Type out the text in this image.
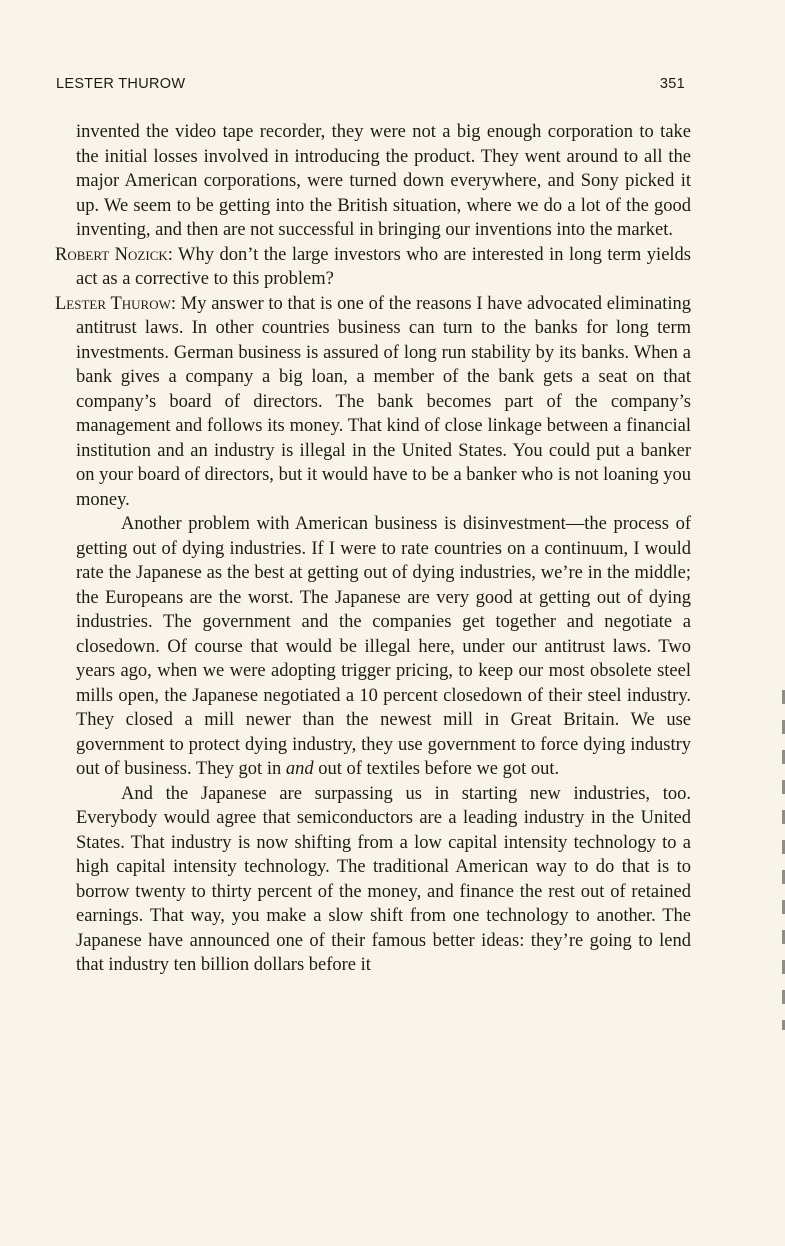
LESTER THUROW	351

invented the video tape recorder, they were not a big enough corporation to take the initial losses involved in introducing the product. They went around to all the major American corporations, were turned down everywhere, and Sony picked it up. We seem to be getting into the British situation, where we do a lot of the good inventing, and then are not successful in bringing our inventions into the market.

Robert Nozick: Why don’t the large investors who are interested in long term yields act as a corrective to this problem?

Lester Thurow: My answer to that is one of the reasons I have advocated eliminating antitrust laws. In other countries business can turn to the banks for long term investments. German business is assured of long run stability by its banks. When a bank gives a company a big loan, a member of the bank gets a seat on that company’s board of directors. The bank becomes part of the company’s management and follows its money. That kind of close linkage between a financial institution and an industry is illegal in the United States. You could put a banker on your board of directors, but it would have to be a banker who is not loaning you money.

Another problem with American business is disinvestment—the process of getting out of dying industries. If I were to rate countries on a continuum, I would rate the Japanese as the best at getting out of dying industries, we’re in the middle; the Europeans are the worst. The Japanese are very good at getting out of dying industries. The government and the companies get together and negotiate a closedown. Of course that would be illegal here, under our antitrust laws. Two years ago, when we were adopting trigger pricing, to keep our most obsolete steel mills open, the Japanese negotiated a 10 percent closedown of their steel industry. They closed a mill newer than the newest mill in Great Britain. We use government to protect dying industry, they use government to force dying industry out of business. They got in and out of textiles before we got out.

And the Japanese are surpassing us in starting new industries, too. Everybody would agree that semiconductors are a leading industry in the United States. That industry is now shifting from a low capital intensity technology to a high capital intensity technology. The traditional American way to do that is to borrow twenty to thirty percent of the money, and finance the rest out of retained earnings. That way, you make a slow shift from one technology to another. The Japanese have announced one of their famous better ideas: they’re going to lend that industry ten billion dollars before it
